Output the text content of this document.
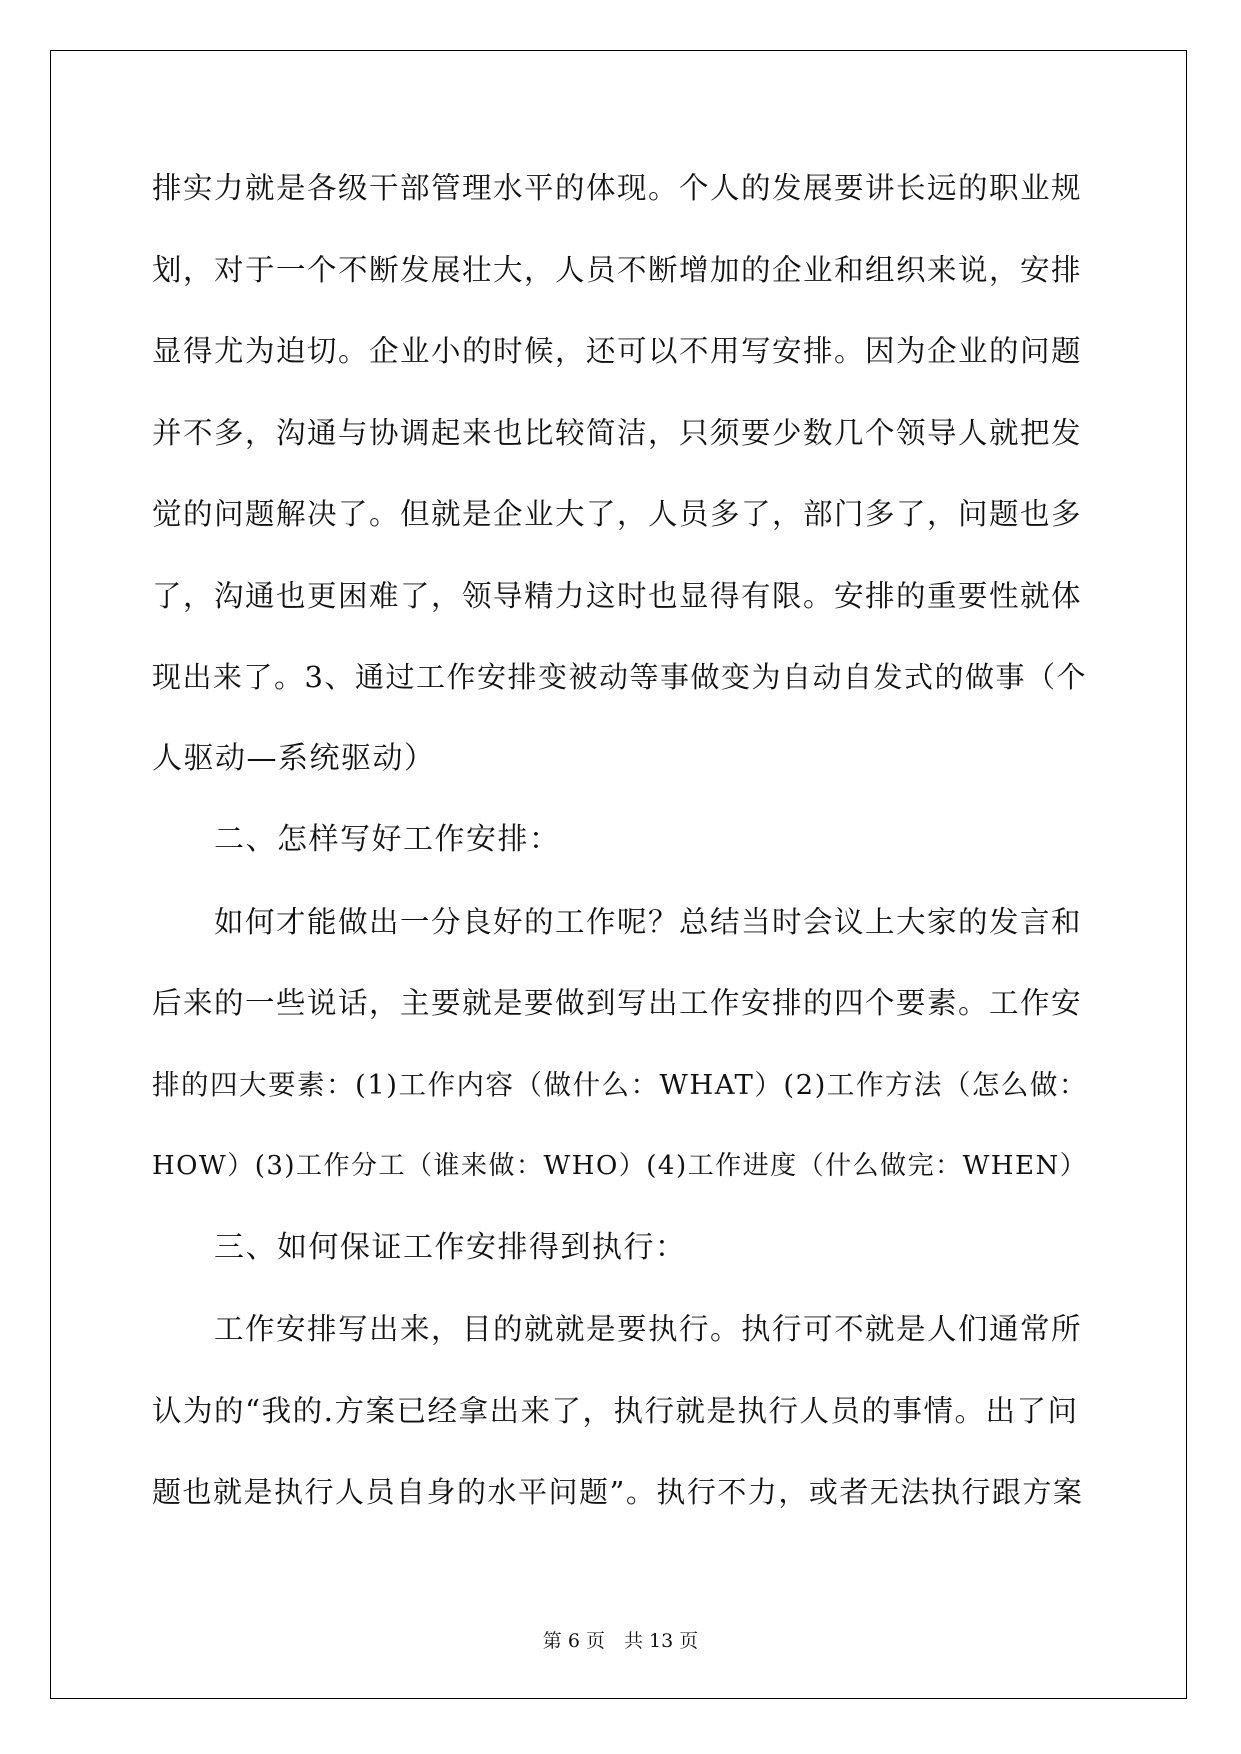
排实力就是各级干部管理水平的体现。个人的发展要讲长远的职业规
划，对于一个不断发展壮大，人员不断增加的企业和组织来说，安排
显得尤为迫切。企业小的时候，还可以不用写安排。因为企业的问题
并不多，沟通与协调起来也比较简洁，只须要少数几个领导人就把发
觉的问题解决了。但就是企业大了，人员多了，部门多了，问题也多
了，沟通也更困难了，领导精力这时也显得有限。安排的重要性就体
现出来了。3、通过工作安排变被动等事做变为自动自发式的做事（个
人驱动—系统驱动）
二、怎样写好工作安排：
如何才能做出一分良好的工作呢？总结当时会议上大家的发言和
后来的一些说话，主要就是要做到写出工作安排的四个要素。工作安
排的四大要素：(1)工作内容（做什么：WHAT）(2)工作方法（怎么做：
HOW）(3)工作分工（谁来做：WHO）(4)工作进度（什么做完：WHEN）
三、如何保证工作安排得到执行：
工作安排写出来，目的就就是要执行。执行可不就是人们通常所
认为的“我的.方案已经拿出来了，执行就是执行人员的事情。出了问
题也就是执行人员自身的水平问题”。执行不力，或者无法执行跟方案
第 6 页　共 13 页
